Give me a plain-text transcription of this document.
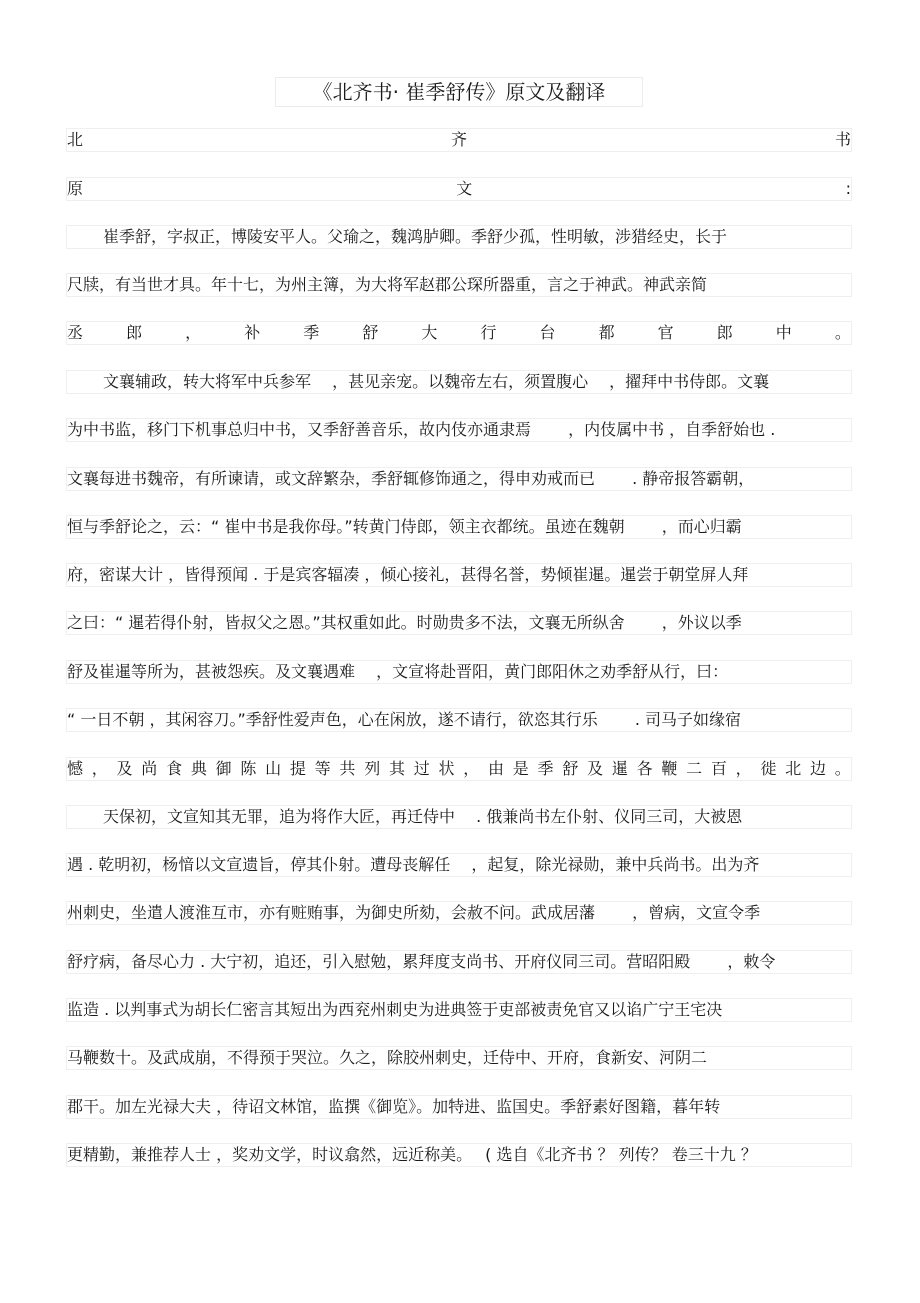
《北齐书· 崔季舒传》原文及翻译
北	齐	书
原	文	:
崔季舒，字叔正，博陵安平人。父瑜之，魏鸿胪卿。季舒少孤，性明敏，涉猎经史，长于
尺牍，有当世才具。年十七，为州主簿，为大将军赵郡公琛所器重，言之于神武。神武亲简
丞	郎	，	补	季	舒	大	行	台	都	官	郎	中	。
文襄辅政，转大将军中兵参军　 ，甚见亲宠。以魏帝左右，须置腹心　 ，擢拜中书侍郎。文襄
为中书监，移门下机事总归中书，又季舒善音乐，故内伎亦通隶焉　　 ，内伎属中书 ，自季舒始也 .
文襄每进书魏帝，有所谏请，或文辞繁杂，季舒辄修饰通之，得申劝戒而已　　 . 静帝报答霸朝，
恒与季舒论之，云：“ 崔中书是我你母。”转黄门侍郎，领主衣都统。虽迹在魏朝　　 ，而心归霸
府，密谋大计 ，皆得预闻 . 于是宾客辐凑 ，倾心接礼，甚得名誉，势倾崔暹。暹尝于朝堂屏人拜
之曰：“ 暹若得仆射，皆叔父之恩。”其权重如此。时勋贵多不法，文襄无所纵舍　　 ，外议以季
舒及崔暹等所为，甚被怨疾。及文襄遇难　 ，文宣将赴晋阳，黄门郎阳休之劝季舒从行，曰：
“ 一日不朝 ，其闲容刀。”季舒性爱声色，心在闲放，遂不请行，欲恣其行乐　　 . 司马子如缘宿
憾 ， 及 尚 食 典 御 陈 山 提 等 共 列 其 过 状 ， 由 是 季 舒 及 暹 各 鞭 二 百 ， 徙 北 边 。
天保初，文宣知其无罪，追为将作大匠，再迁侍中　 . 俄兼尚书左仆射、仪同三司，大被恩
遇 . 乾明初，杨愔以文宣遗旨，停其仆射。遭母丧解任　 ，起复，除光禄勋，兼中兵尚书。出为齐
州刺史，坐遣人渡淮互市，亦有赃贿事，为御史所劾，会赦不问。武成居藩　　 ，曾病，文宣令季
舒疗病，备尽心力 . 大宁初，追还，引入慰勉，累拜度支尚书、开府仪同三司。营昭阳殿　　 ，敕令
监造 . 以判事式为胡长仁密言其短出为西兖州刺史为进典签于吏部被责免官又以谄广宁王宅决
马鞭数十。及武成崩，不得预于哭泣。久之，除胶州刺史，迁侍中、开府，食新安、河阴二
郡干。加左光禄大夫 ，待诏文林馆，监撰《御览》。加特进、监国史。季舒素好图籍，暮年转
更精勤，兼推荐人士 ，奖劝文学，时议翕然，远近称美。　 ( 选自《北齐书 ？ 列传？ 卷三十九 ？
